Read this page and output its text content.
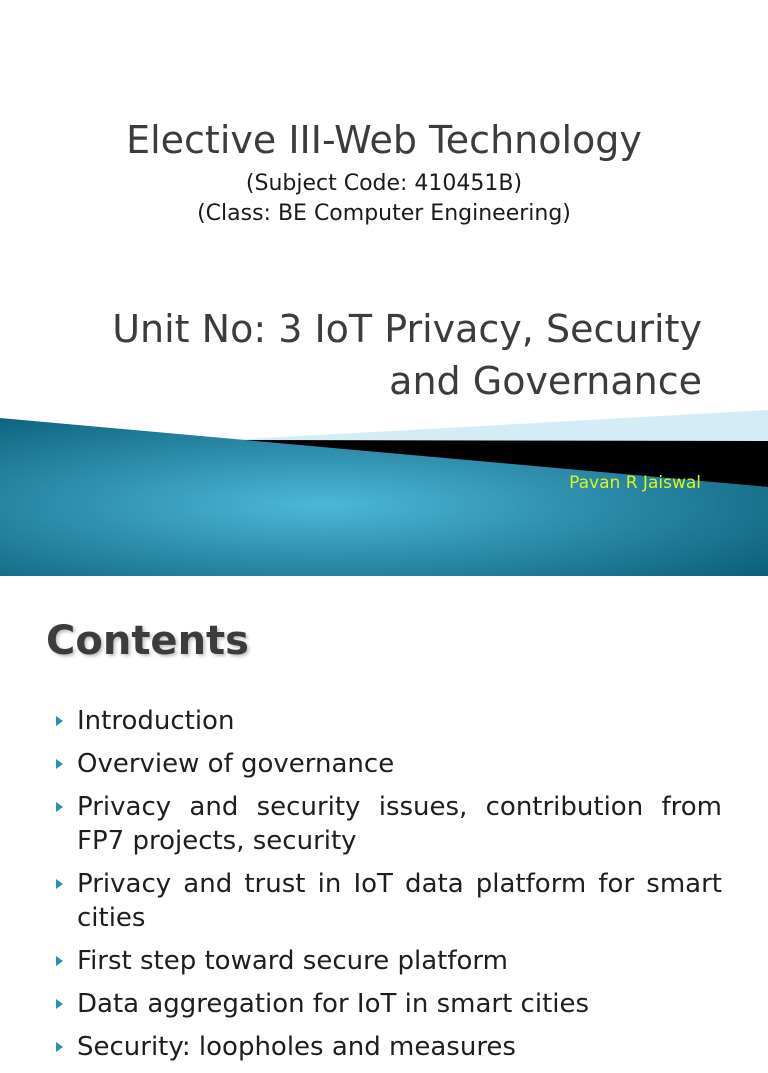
Elective III-Web Technology
(Subject Code: 410451B)
(Class: BE Computer Engineering)
Unit No: 3 IoT Privacy, Security
and Governance
Pavan R Jaiswal
Contents
Introduction
Overview of governance
Privacy and security issues, contribution from FP7 projects, security
Privacy and trust in IoT data platform for smart cities
First step toward secure platform
Data aggregation for IoT in smart cities
Security: loopholes and measures
